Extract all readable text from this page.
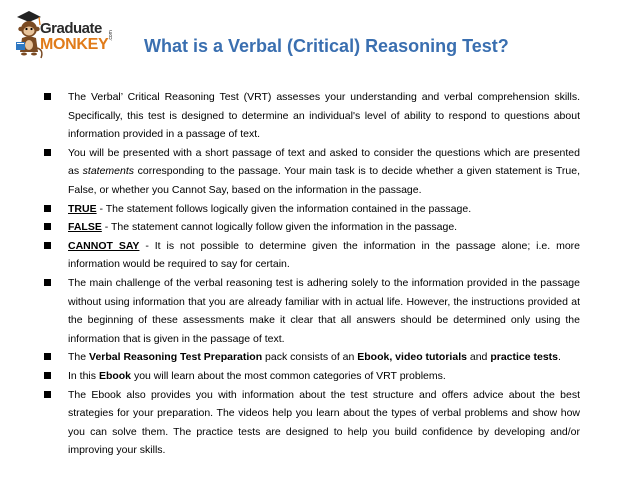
Graduate
MONKEY
.com
What is a Verbal (Critical) Reasoning Test?
The Verbal’ Critical Reasoning Test (VRT) assesses your understanding and verbal comprehension skills. Specifically, this test is designed to determine an individual's level of ability to respond to questions about information provided in a passage of text.
You will be presented with a short passage of text and asked to consider the questions which are presented as statements corresponding to the passage. Your main task is to decide whether a given statement is True, False, or whether you Cannot Say, based on the information in the passage.
TRUE - The statement follows logically given the information contained in the passage.
FALSE - The statement cannot logically follow given the information in the passage.
CANNOT SAY - It is not possible to determine given the information in the passage alone; i.e. more information would be required to say for certain.
The main challenge of the verbal reasoning test is adhering solely to the information provided in the passage without using information that you are already familiar with in actual life. However, the instructions provided at the beginning of these assessments make it clear that all answers should be determined only using the information that is given in the passage of text.
The Verbal Reasoning Test Preparation pack consists of an Ebook, video tutorials and practice tests.
In this Ebook you will learn about the most common categories of VRT problems.
The Ebook also provides you with information about the test structure and offers advice about the best strategies for your preparation. The videos help you learn about the types of verbal problems and show how you can solve them. The practice tests are designed to help you build confidence by developing and/or improving your skills.
